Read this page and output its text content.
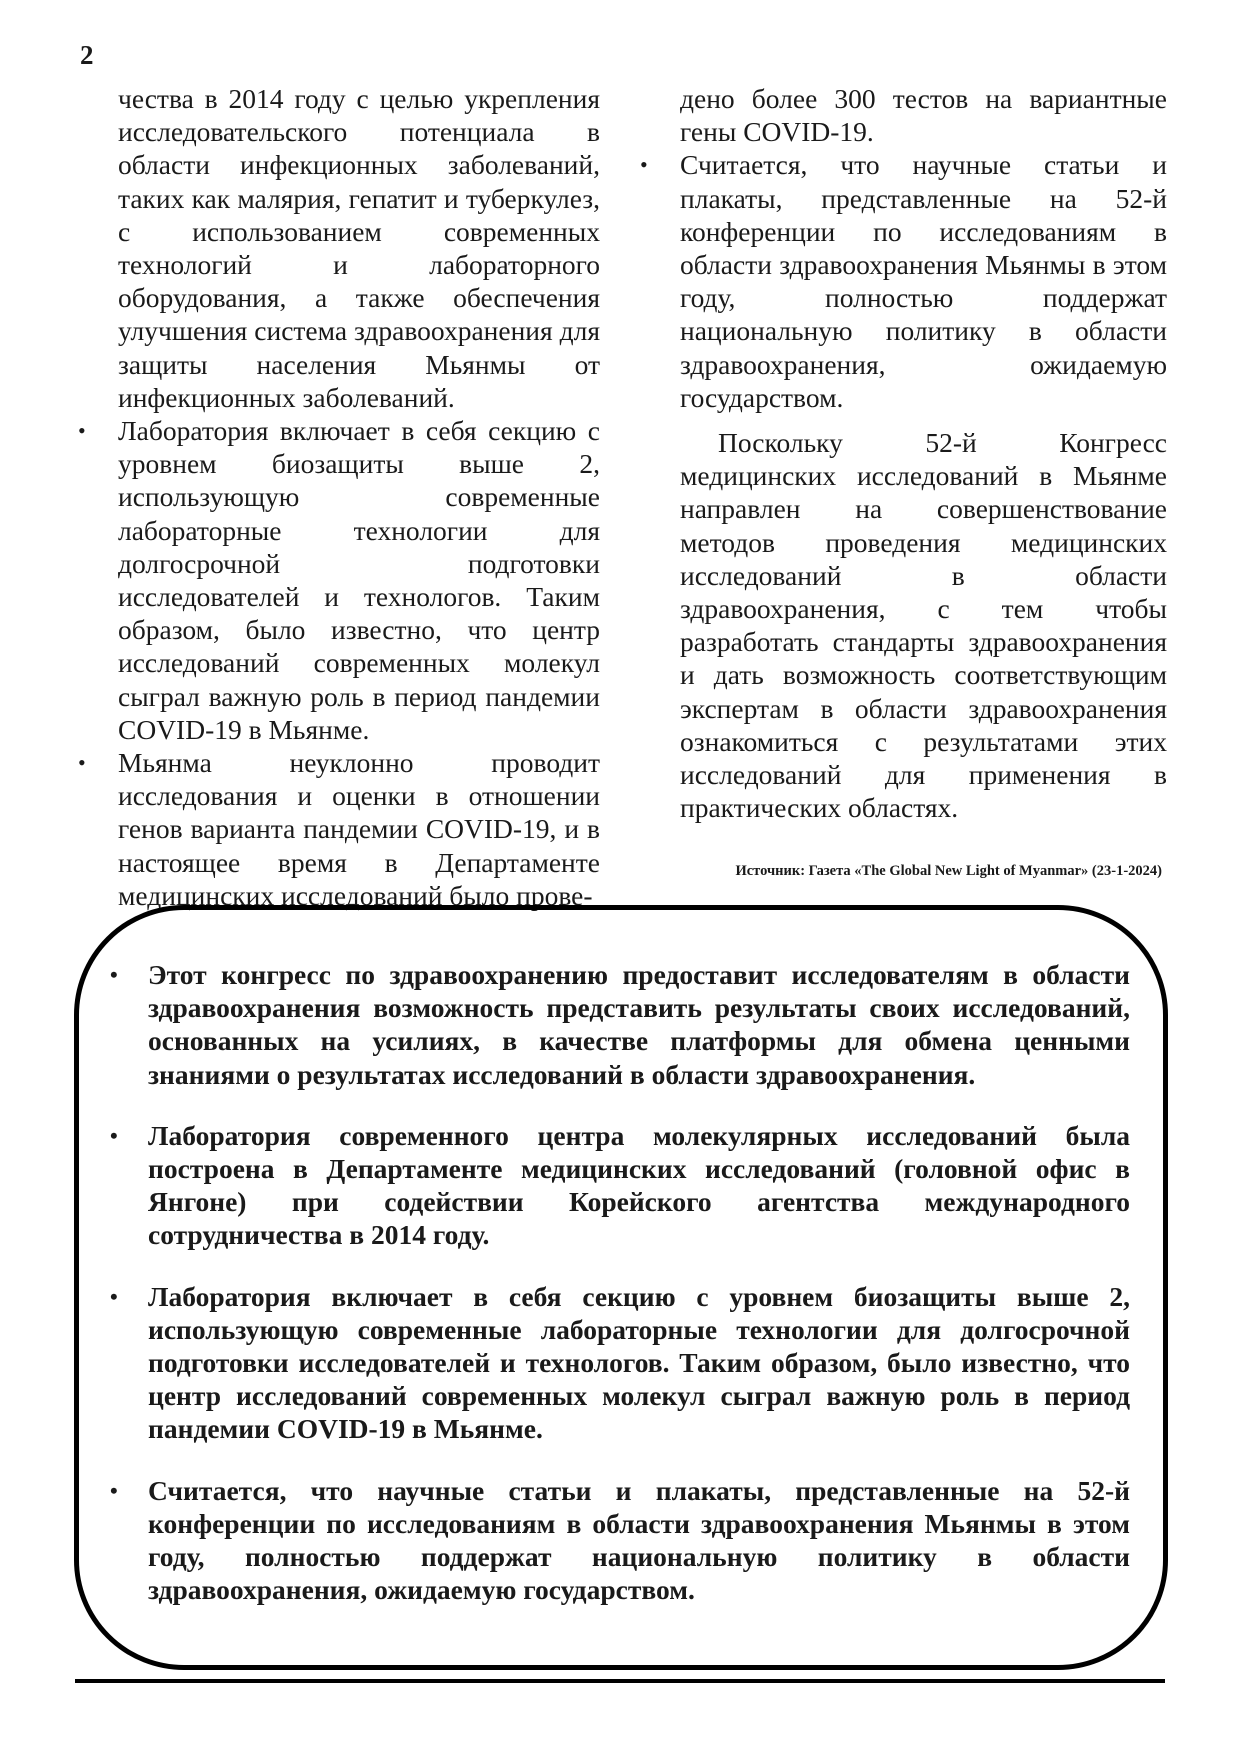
2

чества в 2014 году с целью укрепления исследовательского потенциала в области инфекционных заболеваний, таких как малярия, гепатит и туберкулез, с использованием современных технологий и лабораторного оборудования, а также обеспечения улучшения система здравоохранения для защиты населения Мьянмы от инфекционных заболеваний.

• Лаборатория включает в себя секцию с уровнем биозащиты выше 2, использующую современные лабораторные технологии для долгосрочной подготовки исследователей и технологов. Таким образом, было известно, что центр исследований современных молекул сыграл важную роль в период пандемии COVID-19 в Мьянме.

• Мьянма неуклонно проводит исследования и оценки в отношении генов варианта пандемии COVID-19, и в настоящее время в Департаменте медицинских исследований было прове-

дено более 300 тестов на вариантные гены COVID-19.

• Считается, что научные статьи и плакаты, представленные на 52-й конференции по исследованиям в области здравоохранения Мьянмы в этом году, полностью поддержат национальную политику в области здравоохранения, ожидаемую государством.

Поскольку 52-й Конгресс медицинских исследований в Мьянме направлен на совершенствование методов проведения медицинских исследований в области здравоохранения, с тем чтобы разработать стандарты здравоохранения и дать возможность соответствующим экспертам в области здравоохранения ознакомиться с результатами этих исследований для применения в практических областях.

Источник: Газета «The Global New Light of Myanmar» (23-1-2024)

• Этот конгресс по здравоохранению предоставит исследователям в области здравоохранения возможность представить результаты своих исследований, основанных на усилиях, в качестве платформы для обмена ценными знаниями о результатах исследований в области здравоохранения.

• Лаборатория современного центра молекулярных исследований была построена в Департаменте медицинских исследований (головной офис в Янгоне) при содействии Корейского агентства международного сотрудничества в 2014 году.

• Лаборатория включает в себя секцию с уровнем биозащиты выше 2, использующую современные лабораторные технологии для долгосрочной подготовки исследователей и технологов. Таким образом, было известно, что центр исследований современных молекул сыграл важную роль в период пандемии COVID-19 в Мьянме.

• Считается, что научные статьи и плакаты, представленные на 52-й конференции по исследованиям в области здравоохранения Мьянмы в этом году, полностью поддержат национальную политику в области здравоохранения, ожидаемую государством.
